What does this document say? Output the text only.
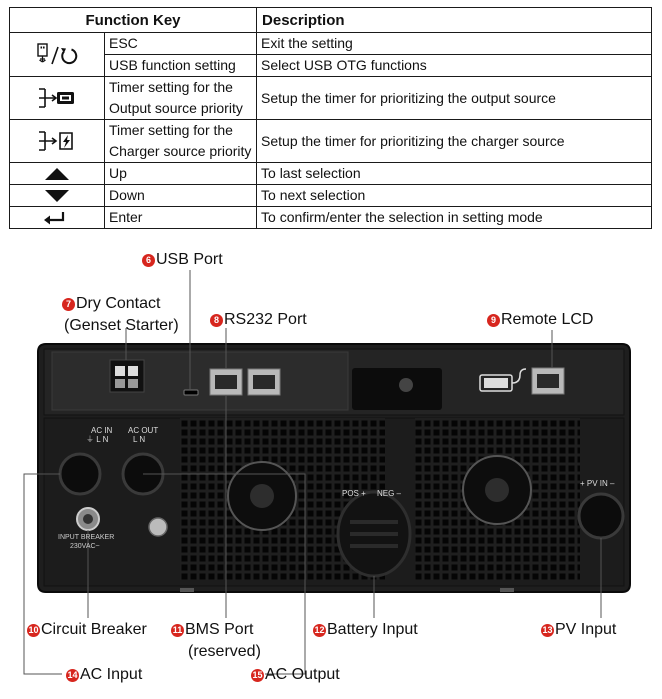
Function Key		Description
	ESC	Exit the setting
	USB function setting	Select USB OTG functions
	Timer setting for the Output source priority	Setup the timer for prioritizing the output source
	Timer setting for the Charger source priority	Setup the timer for prioritizing the charger source
	Up	To last selection
	Down	To next selection
	Enter	To confirm/enter the selection in setting mode
AC IN
⏚ L N
AC OUT
L N
INPUT BREAKER
230VAC~
POS + NEG –
+ PV IN –
6 USB Port
7 Dry Contact
(Genset Starter)	8 RS232 Port	9 Remote LCD
10 Circuit Breaker	11 BMS Port
(reserved)
12 Battery Input	13 PV Input
14 AC Input	15 AC Output
